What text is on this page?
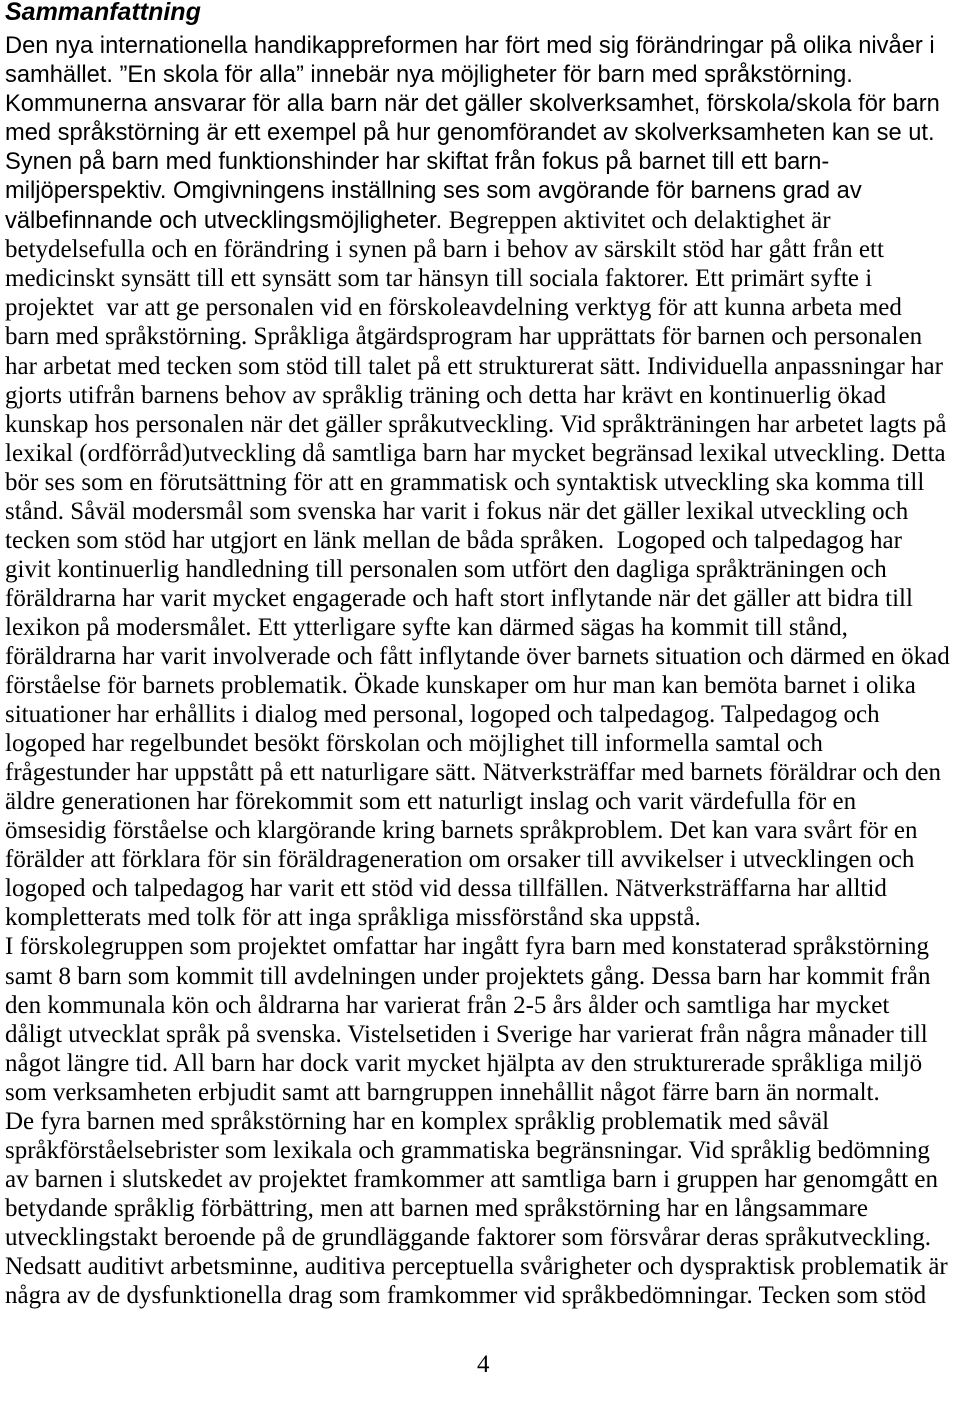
Sammanfattning
Den nya internationella handikappreformen har fört med sig förändringar på olika nivåer i
samhället. ”En skola för alla” innebär nya möjligheter för barn med språkstörning.
Kommunerna ansvarar för alla barn när det gäller skolverksamhet, förskola/skola för barn
med språkstörning är ett exempel på hur genomförandet av skolverksamheten kan se ut.
Synen på barn med funktionshinder har skiftat från fokus på barnet till ett barn-
miljöperspektiv. Omgivningens inställning ses som avgörande för barnens grad av
välbefinnande och utvecklingsmöjligheter. Begreppen aktivitet och delaktighet är
betydelsefulla och en förändring i synen på barn i behov av särskilt stöd har gått från ett
medicinskt synsätt till ett synsätt som tar hänsyn till sociala faktorer. Ett primärt syfte i
projektet  var att ge personalen vid en förskoleavdelning verktyg för att kunna arbeta med
barn med språkstörning. Språkliga åtgärdsprogram har upprättats för barnen och personalen
har arbetat med tecken som stöd till talet på ett strukturerat sätt. Individuella anpassningar har
gjorts utifrån barnens behov av språklig träning och detta har krävt en kontinuerlig ökad
kunskap hos personalen när det gäller språkutveckling. Vid språkträningen har arbetet lagts på
lexikal (ordförråd)utveckling då samtliga barn har mycket begränsad lexikal utveckling. Detta
bör ses som en förutsättning för att en grammatisk och syntaktisk utveckling ska komma till
stånd. Såväl modersmål som svenska har varit i fokus när det gäller lexikal utveckling och
tecken som stöd har utgjort en länk mellan de båda språken.  Logoped och talpedagog har
givit kontinuerlig handledning till personalen som utfört den dagliga språkträningen och
föräldrarna har varit mycket engagerade och haft stort inflytande när det gäller att bidra till
lexikon på modersmålet. Ett ytterligare syfte kan därmed sägas ha kommit till stånd,
föräldrarna har varit involverade och fått inflytande över barnets situation och därmed en ökad
förståelse för barnets problematik. Ökade kunskaper om hur man kan bemöta barnet i olika
situationer har erhållits i dialog med personal, logoped och talpedagog. Talpedagog och
logoped har regelbundet besökt förskolan och möjlighet till informella samtal och
frågestunder har uppstått på ett naturligare sätt. Nätverksträffar med barnets föräldrar och den
äldre generationen har förekommit som ett naturligt inslag och varit värdefulla för en
ömsesidig förståelse och klargörande kring barnets språkproblem. Det kan vara svårt för en
förälder att förklara för sin föräldrageneration om orsaker till avvikelser i utvecklingen och
logoped och talpedagog har varit ett stöd vid dessa tillfällen. Nätverksträffarna har alltid
kompletterats med tolk för att inga språkliga missförstånd ska uppstå.
I förskolegruppen som projektet omfattar har ingått fyra barn med konstaterad språkstörning
samt 8 barn som kommit till avdelningen under projektets gång. Dessa barn har kommit från
den kommunala kön och åldrarna har varierat från 2-5 års ålder och samtliga har mycket
dåligt utvecklat språk på svenska. Vistelsetiden i Sverige har varierat från några månader till
något längre tid. All barn har dock varit mycket hjälpta av den strukturerade språkliga miljö
som verksamheten erbjudit samt att barngruppen innehållit något färre barn än normalt.
De fyra barnen med språkstörning har en komplex språklig problematik med såväl
språkförståelsebrister som lexikala och grammatiska begränsningar. Vid språklig bedömning
av barnen i slutskedet av projektet framkommer att samtliga barn i gruppen har genomgått en
betydande språklig förbättring, men att barnen med språkstörning har en långsammare
utvecklingstakt beroende på de grundläggande faktorer som försvårar deras språkutveckling.
Nedsatt auditivt arbetsminne, auditiva perceptuella svårigheter och dyspraktisk problematik är
några av de dysfunktionella drag som framkommer vid språkbedömningar. Tecken som stöd
4
